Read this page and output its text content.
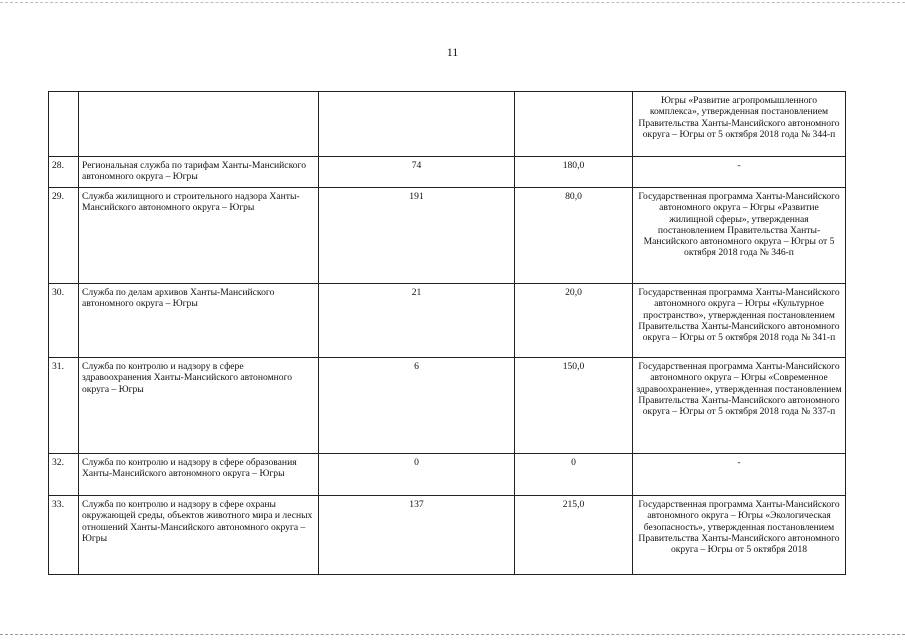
11
				Югры «Развитие агропромышленного комплекса», утвержденная постановлением Правительства Ханты-Мансийского автономного округа – Югры от 5 октября 2018 года № 344-п
28.	Региональная служба по тарифам Ханты-Мансийского автономного округа – Югры	74	180,0	-
29.	Служба жилищного и строительного надзора Ханты-Мансийского автономного округа – Югры	191	80,0	Государственная программа Ханты-Мансийского автономного округа – Югры «Развитие жилищной сферы», утвержденная постановлением Правительства Ханты-Мансийского автономного округа – Югры от 5 октября 2018 года № 346-п
30.	Служба по делам архивов Ханты-Мансийского автономного округа – Югры	21	20,0	Государственная программа Ханты-Мансийского автономного округа – Югры «Культурное пространство», утвержденная постановлением Правительства Ханты-Мансийского автономного округа – Югры от 5 октября 2018 года № 341-п
31.	Служба по контролю и надзору в сфере здравоохранения Ханты-Мансийского автономного округа – Югры	6	150,0	Государственная программа Ханты-Мансийского автономного округа – Югры «Современное здравоохранение», утвержденная постановлением Правительства Ханты-Мансийского автономного округа – Югры от 5 октября 2018 года № 337-п
32.	Служба по контролю и надзору в сфере образования Ханты-Мансийского автономного округа – Югры	0	0	-
33.	Служба по контролю и надзору в сфере охраны окружающей среды, объектов животного мира и лесных отношений Ханты-Мансийского автономного округа – Югры	137	215,0	Государственная программа Ханты-Мансийского автономного округа – Югры «Экологическая безопасность», утвержденная постановлением Правительства Ханты-Мансийского автономного округа – Югры от 5 октября 2018
